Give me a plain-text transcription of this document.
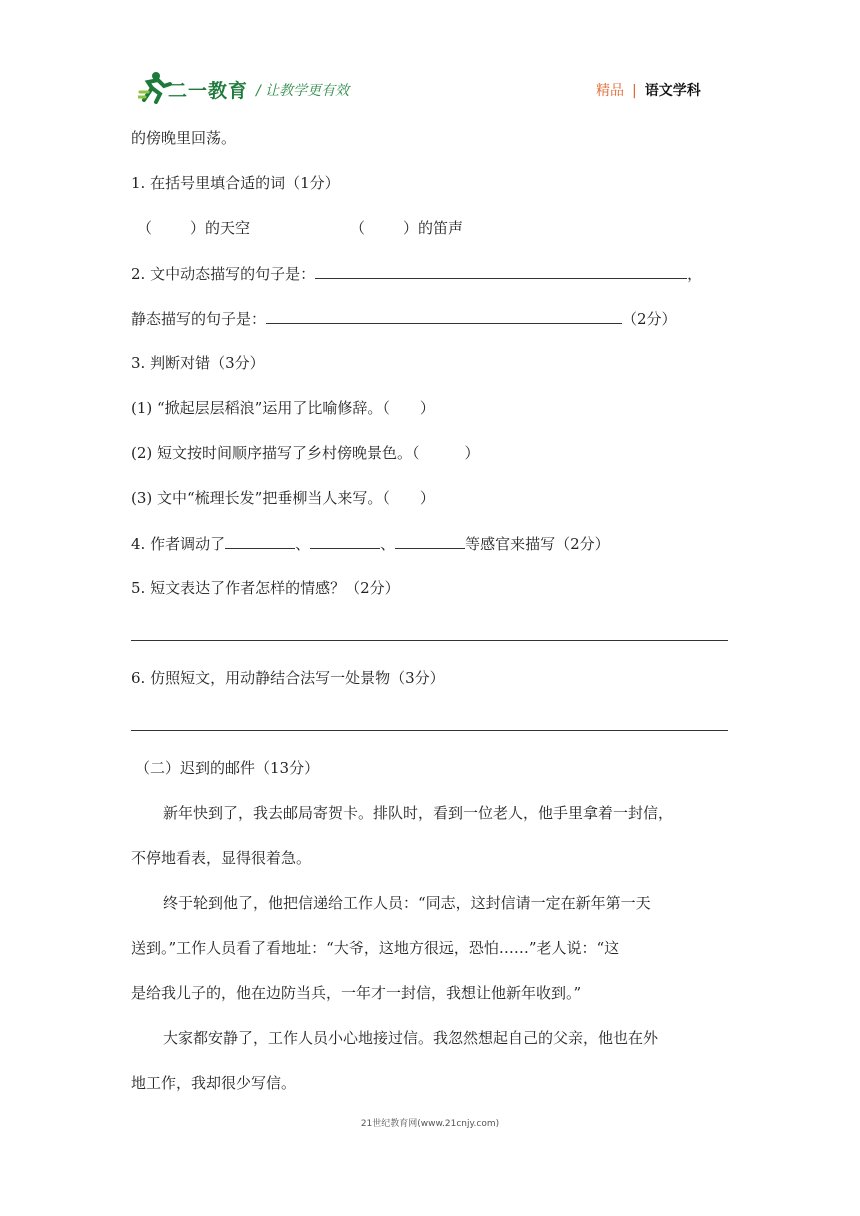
二一教育 / 让教学更有效	精品 | 语文学科
的傍晚里回荡。
1. 在括号里填合适的词（1分）
（	）的天空	（	）的笛声
2. 文中动态描写的句子是：	，
静态描写的句子是：	（2分）
3. 判断对错（3分）
(1) “掀起层层稻浪”运用了比喻修辞。（　　）
(2) 短文按时间顺序描写了乡村傍晚景色。（　　　）
(3) 文中“梳理长发”把垂柳当人来写。（　　）
4. 作者调动了	、	、	等感官来描写（2分）
5. 短文表达了作者怎样的情感？（2分）
6. 仿照短文，用动静结合法写一处景物（3分）
（二）迟到的邮件（13分）
新年快到了，我去邮局寄贺卡。排队时，看到一位老人，他手里拿着一封信，
不停地看表，显得很着急。
终于轮到他了，他把信递给工作人员：“同志，这封信请一定在新年第一天
送到。”工作人员看了看地址：“大爷，这地方很远，恐怕……”老人说：“这
是给我儿子的，他在边防当兵，一年才一封信，我想让他新年收到。”
大家都安静了，工作人员小心地接过信。我忽然想起自己的父亲，他也在外
地工作，我却很少写信。
21世纪教育网(www.21cnjy.com)
